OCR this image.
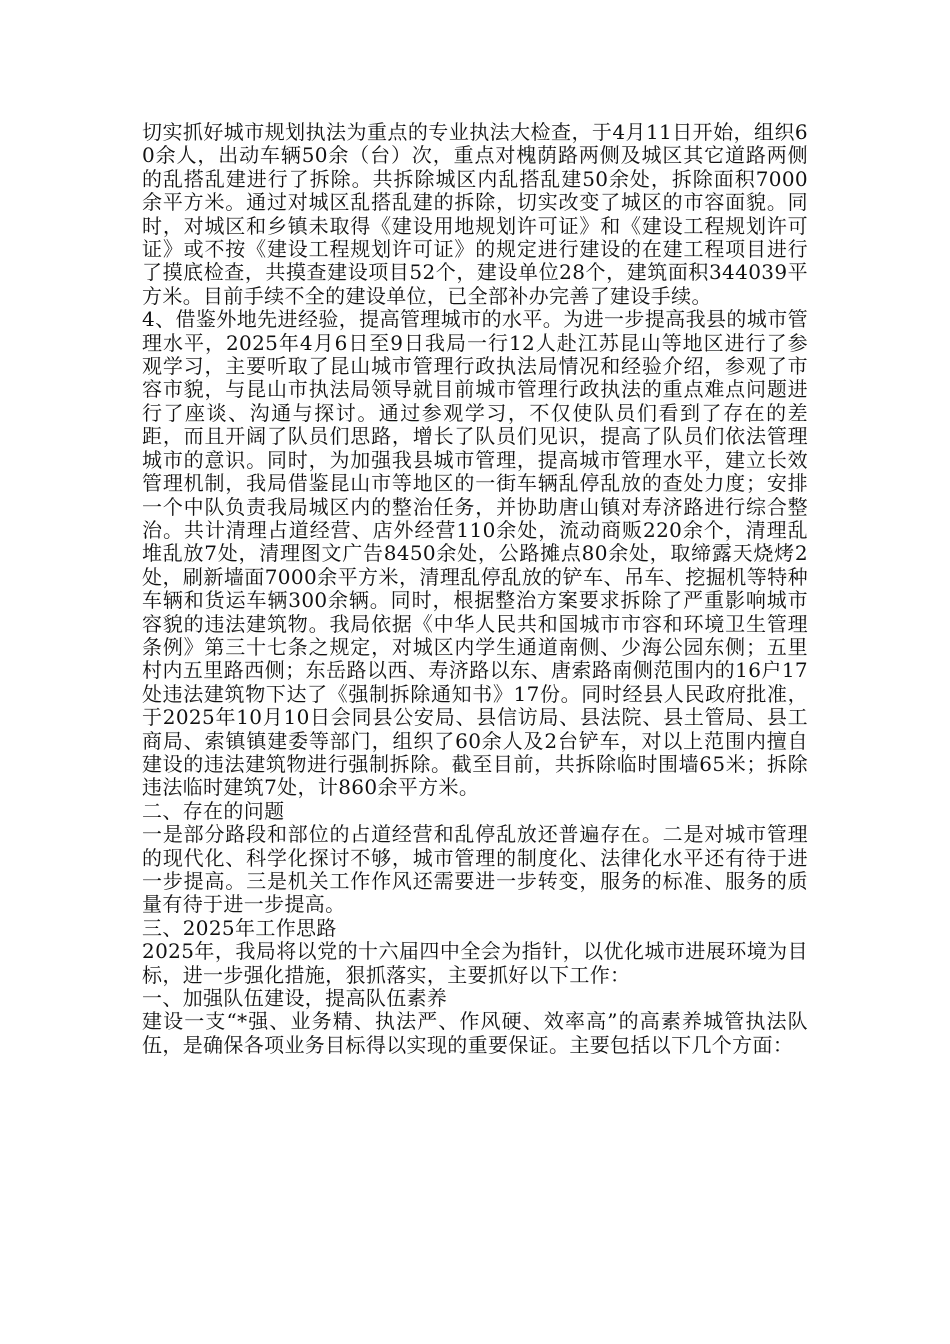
切实抓好城市规划执法为重点的专业执法大检查，于4月11日开始，组织60余人，出动车辆50余（台）次，重点对槐荫路两侧及城区其它道路两侧的乱搭乱建进行了拆除。共拆除城区内乱搭乱建50余处，拆除面积7000余平方米。通过对城区乱搭乱建的拆除，切实改变了城区的市容面貌。同时，对城区和乡镇未取得《建设用地规划许可证》和《建设工程规划许可证》或不按《建设工程规划许可证》的规定进行建设的在建工程项目进行了摸底检查，共摸查建设项目52个，建设单位28个，建筑面积344039平方米。目前手续不全的建设单位，已全部补办完善了建设手续。

4、借鉴外地先进经验，提高管理城市的水平。为进一步提高我县的城市管理水平，2025年4月6日至9日我局一行12人赴江苏昆山等地区进行了参观学习，主要听取了昆山城市管理行政执法局情况和经验介绍，参观了市容市貌，与昆山市执法局领导就目前城市管理行政执法的重点难点问题进行了座谈、沟通与探讨。通过参观学习，不仅使队员们看到了存在的差距，而且开阔了队员们思路，增长了队员们见识，提高了队员们依法管理城市的意识。同时，为加强我县城市管理，提高城市管理水平，建立长效管理机制，我局借鉴昆山市等地区的一街车辆乱停乱放的查处力度；安排一个中队负责我局城区内的整治任务，并协助唐山镇对寿济路进行综合整治。共计清理占道经营、店外经营110余处，流动商贩220余个，清理乱堆乱放7处，清理图文广告8450余处，公路摊点80余处，取缔露天烧烤2处，刷新墙面7000余平方米，清理乱停乱放的铲车、吊车、挖掘机等特种车辆和货运车辆300余辆。同时，根据整治方案要求拆除了严重影响城市容貌的违法建筑物。我局依据《中华人民共和国城市市容和环境卫生管理条例》第三十七条之规定，对城区内学生通道南侧、少海公园东侧；五里村内五里路西侧；东岳路以西、寿济路以东、唐索路南侧范围内的16户17处违法建筑物下达了《强制拆除通知书》17份。同时经县人民政府批准，于2025年10月10日会同县公安局、县信访局、县法院、县土管局、县工商局、索镇镇建委等部门，组织了60余人及2台铲车，对以上范围内擅自建设的违法建筑物进行强制拆除。截至目前，共拆除临时围墙65米；拆除违法临时建筑7处，计860余平方米。

二、存在的问题

一是部分路段和部位的占道经营和乱停乱放还普遍存在。二是对城市管理的现代化、科学化探讨不够，城市管理的制度化、法律化水平还有待于进一步提高。三是机关工作作风还需要进一步转变，服务的标准、服务的质量有待于进一步提高。

三、2025年工作思路

2025年，我局将以党的十六届四中全会为指针，以优化城市进展环境为目标，进一步强化措施，狠抓落实，主要抓好以下工作：

一、加强队伍建设，提高队伍素养

建设一支“*强、业务精、执法严、作风硬、效率高”的高素养城管执法队伍，是确保各项业务目标得以实现的重要保证。主要包括以下几个方面：
